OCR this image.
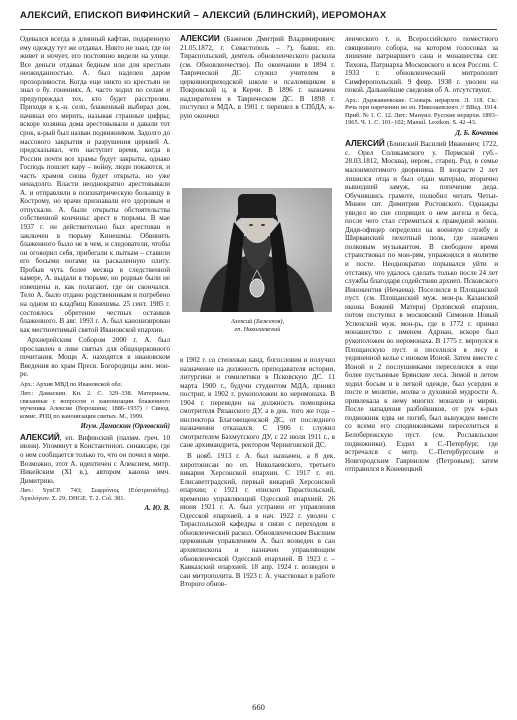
АЛЕКСИЙ, ЕПИСКОП ВИФИНСКИЙ – АЛЕКСИЙ (БЛИНСКИЙ), ИЕРОМОНАХ

Одевался всегда в длинный кафтан, подаренную ему одежду тут же отдавал. Никто не знал, где он живет и ночует, его постоянно видели на улице. Все деньги отдавал бедным или для крестьян неожиданностью. А. был наделен даром прозорливости. Когда еще никто из крестьян не знал о бу. гонениях, А. часто ходил по селам и предупреждал тех, кто будет расстрелян. Приходя в к.-н. село, блаженный выбирал дом, начинал его мерить, называя странные цифры; вскоре хозяина дома арестовывали и давали тот срок, к-рый был назван подвижником. Задолго до массового закрытия и разрушения церквей А. предсказывал, что наступит время, когда в России почти все храмы будут закрыты, однако Господь пошлет кару – войну, люди покаются, и часть храмов снова будет открыта, но уже ненадолго. Власти неоднократно арестовывали А. и отправляли в психиатрическую больницу в Кострому, но врачи признавали его здоровым и отпускали. А. были открыты обстоятельства собственной кончины: арест в тюрьмы. В мае 1937 г. он действительно был арестован и заключен в тюрьму Кинешмы. Обвинить блаженного было не в чем, и следователи, чтобы он оговорил себя, прибегали к пыткам – ставили его босыми ногами на раскаленную плиту. Пробыв чуть более месяца в следственной камере, А. выдали в тюрьме, но родные были не извещены и, как полагают, где он скончался. Тело А. было отдано родственникам и погребено на одном из кладбищ Кинешмы. 25 сент. 1985 г. состоялось обретение честных останков блаженного. В авг. 1993 г. А. был канонизирован как местночтимый святой Ивановской епархии.

Архиерейским Собором 2000 г. А. был прославлен в лике святых для общецерковного почитания. Мощи А. находятся в ивановском Введения во храм Пресв. Богородицы жен. мон-ре.

Арх.: Архив МВД по Ивановской обл.

Лит.: Дамаскин. Кн. 2. С. 329–338. Материалы, связанные с вопросом о канонизации блаженного мученика Алексия (Ворошина; 1886–1937) / Синод. комис. РПЦ по канонизации святых. М., 1999.

Игум. Дамаскин (Орловский)

АЛЕКСИЙ, еп. Вифинский (палмм. греч. 10 июня). Упомянут в Константиноп. синаксаре, где о нем сообщается только то, что он почил в мире. Возможно, этот А. идентичен с Алексием, митр. Никейским (XI в.), автором канона вмч. Димитрию.

Лит.: SynCP. 743; Σωφρόνιος (Εὐστρατιάδης). Ἁγιολόγιον. Σ. 29; DHGE. T. 2. Col. 381.

А. Ю. В.

АЛЕКСИЙ (Баженов Дмитрий Владимирович; 21.05.1872, г. Севастополь – ?), бывш. еп. Тираспольский, деятель обновленческого раскола (см. Обновленчество). По окончании в 1894 г. Таврической ДС служил учителем в церковноприходской школе и псаломщиком в Покровской ц. в Керчи. В 1896 г. назначен надзирателем в Таврическом ДС. В 1898 г. поступил в МДА, в 1901 г. перешел в СПбДА, к-рую окончил

Алексий (Баженов),
еп. Николаевский

в 1902 г. со степенью канд. богословия и получил назначение на должность преподавателя истории, литургики и гомилетики в Псковскую ДС. 11 марта 1900 г., будучи студентом МДА, принял постриг, в 1902 г. рукоположен во иеромонаха. В 1904 г. переведен на должность помощника смотрителя Рязанского ДУ, а в дек. того же года – инспектора Благовещенской ДС, от последнего назначения отказался. С 1906 г. служил смотрителем Бахмутского ДУ, с 22 июля 1911 г., в сане архимандрита, ректором Черниговской ДС.

В нояб. 1913 г. А. был назначен, а 8 дек. хиротонисан во еп. Николаевского, третьего викария Херсонской епархии. С 1917 г. еп. Елисаветградский, первый викарий Херсонской епархии; с 1921 г. епископ Тираспольский, временно управляющий Одесской епархией. 26 июня 1921 г. А. был устранен от управления Одесской епархией, а в нач. 1922 г. уволен с Тираспольской кафедры в связи с переходом в обновленческий раскол. Обновленческим Высшим церковным управлением А. был возведен в сан архиепископа и назначен управляющим обновленческой Одесской епархией. В 1923 г. – Кавказский епархией. 18 апр. 1924 г. возведен в сан митрополита. В 1923 г. А. участвовал в работе Второго обнов-

ленческого т. н. Всероссийского поместного священного собора, на котором голосовал за лишение патриаршего сана и монашества свт. Тихона, Патриарха Московского и всея России. С 1933 г. обновленческий митрополит Симферопольский. 9 февр. 1938 г. уволен на покой. Дальнейшие сведения об А. отсутствуют.

Арх.: Държавиевские. Словарь иерархов. Л. 118. Св.: Речь при наречении во еп. Николаевского // ВВед. 1914. Приб. № 1. С. 12. Лит.: Мануил. Русские иерархи. 1893–1965. Ч. 1. С. 101–102; Manuil. Lexikon. S. 42–43.

Д. Б. Кочетов

АЛЕКСИЙ (Блинский Василий Иванович; 1722, с. Орел Соликамского у. Пермской губ.– 28.03.1812, Москва), иером., старец. Род. в семье малоимпотимого дворянина. В возрасте 2 лет лишился отца и был отдан матерью, вторично вышедшей замуж, на попечение деда. Обучившись грамоте, полюбил читать Четьи-Минеи свт. Димитрия Ростовского. Однажды увидел во сне спорящих о нем ангела и беса, после чего стал стремиться к праведной жизни. Дядя-офицер определил на военную службу в Ширванский пехотный полк, где назначен полковым музыкантом. В свободное время странствовал по мон-рям, упражнялся в молитве и посте. Неоднократно порывался уйти и отставку, что удалось сделать только после 24 лет службы благодаря содействию архиеп. Псковского Иннокентия (Нечаева). Поселился в Площанской пуст. (см. Площанский муж. мон-рь Казанской иконы Божией Матери) Орловской епархии, потом поступил в московский Симонов Новый Успенский муж. мон-рь, где в 1772 г. принял монашество с именем Адриан, вскоре был рукоположен во иеромонаха. В 1775 г. вернулся в Площанскую пуст. и поселился в лесу в уединенной келье с иноком Ионой. Затем вместе с Ионой и 2 послушниками переселился в еще более пустынные Брянские леса. Зимой и летом ходил босым и в легкой одежде, был усерден в посте и молитве, молва о духовной мудрости А. привлекала к нему многих монахов и мирян. После нападения разбойников, от рук к-рых подвижник едва не погиб, был вынужден вместе со всеми его сподвижниками переселиться в Белобережскую пуст. (см. Рославльские подвижники). Ездил в С.-Петербург, где встречался с митр. С.-Петербургским и Новгородским Гавриилом (Петровым); затем отправился в Коневецкий

660
